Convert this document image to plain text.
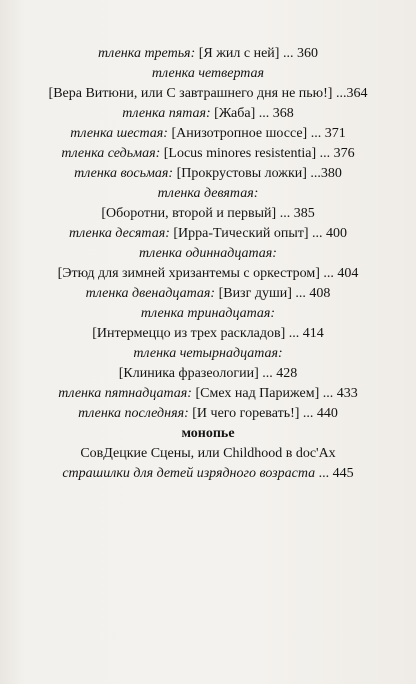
тленка третья: [Я жил с ней] ... 360
тленка четвертая
[Вера Витюни, или С завтрашнего дня не пью!] ...364
тленка пятая: [Жаба] ... 368
тленка шестая: [Анизотропное шоссе] ... 371
тленка седьмая: [Locus minores resistentia] ... 376
тленка восьмая: [Прокрустовы ложки] ...380
тленка девятая:
[Оборотни, второй и первый] ... 385
тленка десятая: [Ирра-Тический опыт] ... 400
тленка одиннадцатая:
[Этюд для зимней хризантемы с оркестром] ... 404
тленка двенадцатая: [Визг души] ... 408
тленка тринадцатая:
[Интермеццо из трех раскладов] ... 414
тленка четырнадцатая:
[Клиника фразеологии] ... 428
тленка пятнадцатая: [Смех над Парижем] ... 433
тленка последняя: [И чего горевать!] ... 440
монопье
СовДецкие Сцены, или Childhood в doc'Ax
страшилки для детей изрядного возраста ... 445
